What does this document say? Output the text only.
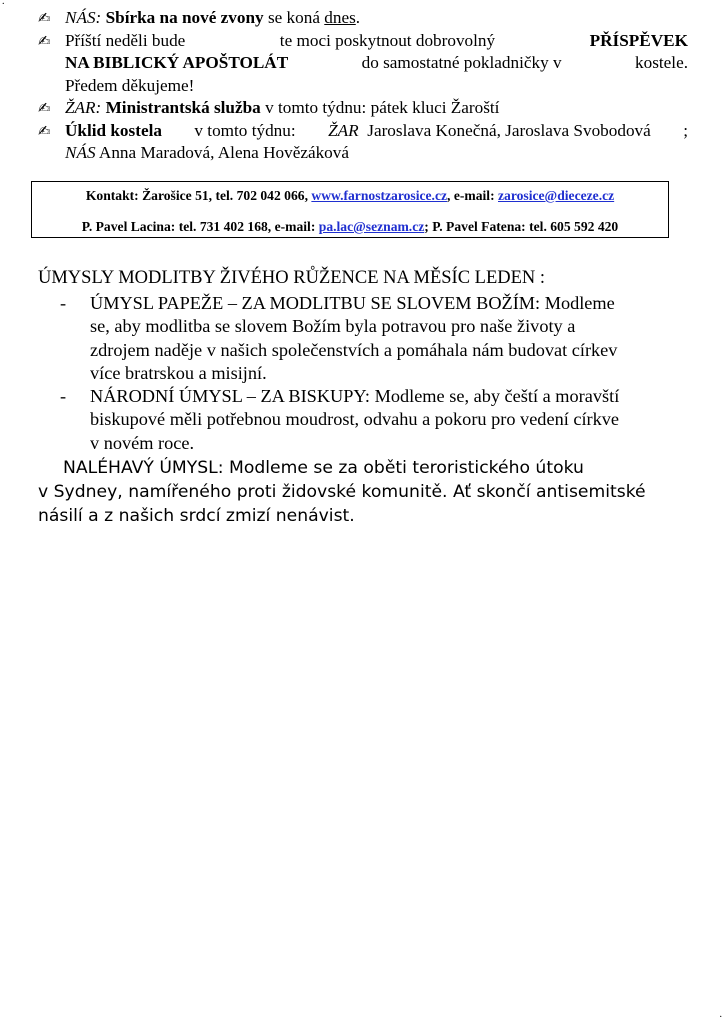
.
.
✍ NÁS: Sbírka na nové zvony se koná dnes.
✍ Příští neděli bude	te moci poskytnout dobrovolný	PŘÍSPĚVEK
NA BIBLICKÝ APOŠTOLÁT	do samostatné pokladničky v	kostele.
Předem děkujeme!
✍ ŽAR: Ministrantská služba v tomto týdnu: pátek kluci Žaroští
✍ Úklid kostela v tomto týdnu: ŽAR Jaroslava Konečná, Jaroslava Svobodová ;
NÁS Anna Maradová, Alena Hovězáková
Kontakt: Žarošice 51, tel. 702 042 066, www.farnostzarosice.cz, e-mail: zarosice@dieceze.cz
P. Pavel Lacina: tel. 731 402 168, e-mail: pa.lac@seznam.cz; P. Pavel Fatena: tel. 605 592 420
ÚMYSLY MODLITBY ŽIVÉHO RŮŽENCE NA MĚSÍC LEDEN :
- ÚMYSL PAPEŽE – ZA MODLITBU SE SLOVEM BOŽÍM: Modleme
se, aby modlitba se slovem Božím byla potravou pro naše životy a
zdrojem naděje v našich společenstvích a pomáhala nám budovat církev
více bratrskou a misijní.
- NÁRODNÍ ÚMYSL – ZA BISKUPY: Modleme se, aby čeští a moravští
biskupové měli potřebnou moudrost, odvahu a pokoru pro vedení církve
v novém roce.
NALÉHAVÝ ÚMYSL: Modleme se za oběti teroristického útoku
v Sydney, namířeného proti židovské komunitě. Ať skončí antisemitské
násilí a z našich srdcí zmizí nenávist.
